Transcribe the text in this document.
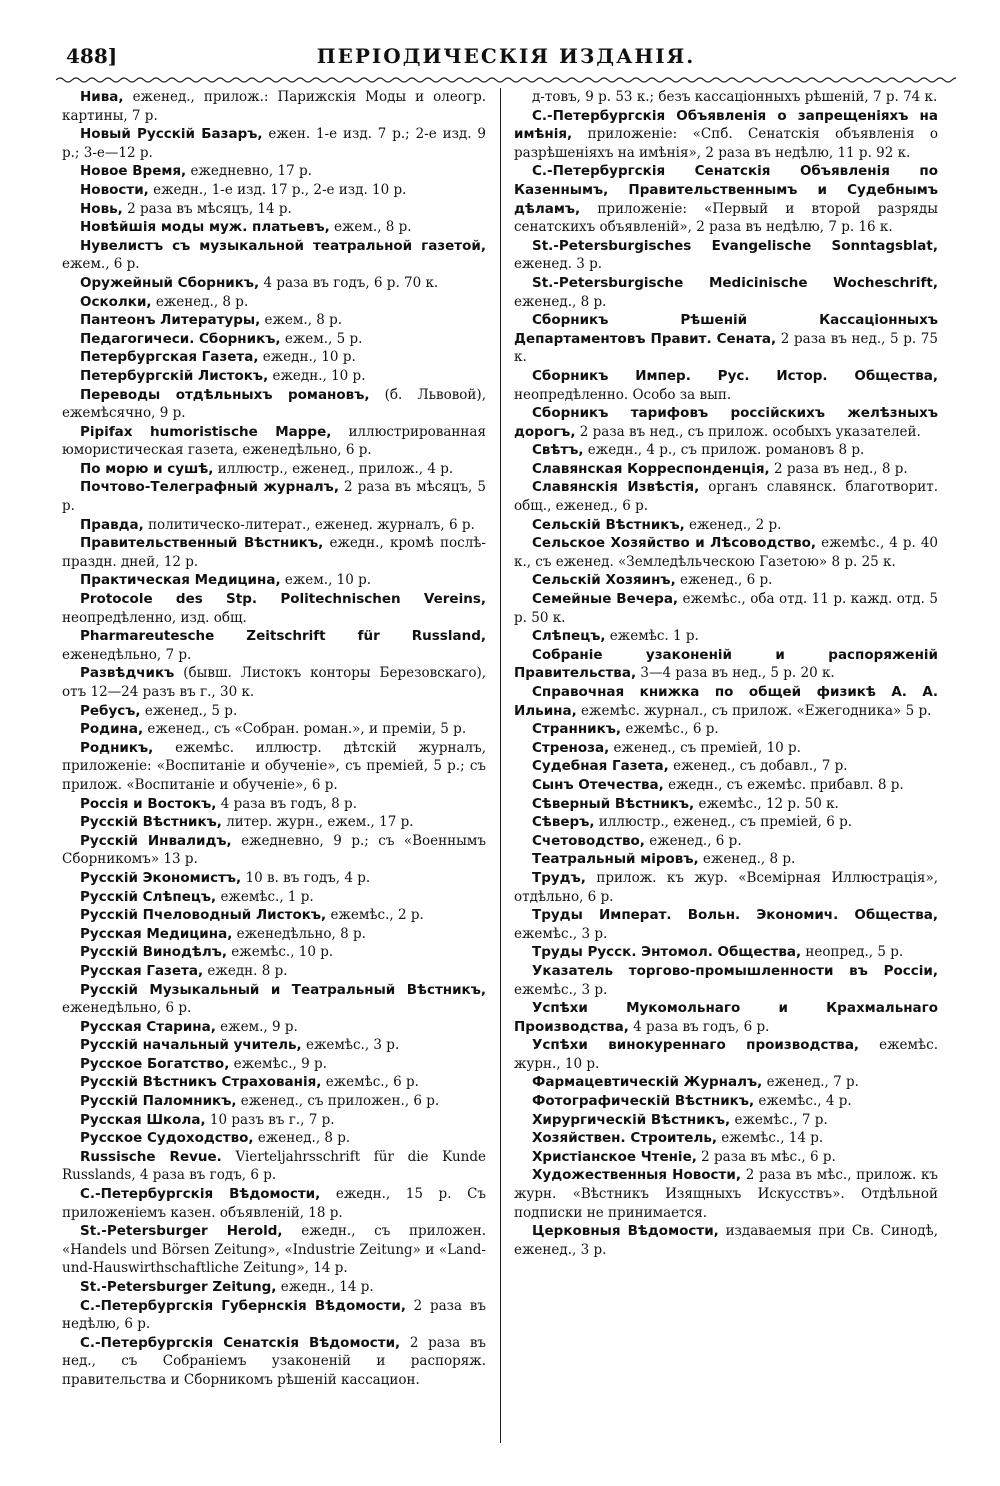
488]	ПЕРІОДИЧЕСКІЯ ИЗДАНІЯ.

Нива, еженед., прилож.: Парижскія Моды и олеогр. картины, 7 р.

Новый Русскій Базаръ, ежен. 1-е изд. 7 р.; 2-е изд. 9 р.; 3-е—12 р.

Новое Время, ежедневно, 17 р.

Новости, ежедн., 1-е изд. 17 р., 2-е изд. 10 р.

Новь, 2 раза въ мѣсяцъ, 14 р.

Новѣйшія моды муж. платьевъ, ежем., 8 р.

Нувелистъ съ музыкальной театральной газетой, ежем., 6 р.

Оружейный Сборникъ, 4 раза въ годъ, 6 р. 70 к.

Осколки, еженед., 8 р.

Пантеонъ Литературы, ежем., 8 р.

Педагогичеси. Сборникъ, ежем., 5 р.

Петербургская Газета, ежедн., 10 р.

Петербургскій Листокъ, ежедн., 10 р.

Переводы отдѣльныхъ романовъ, (б. Львовой), ежемѣсячно, 9 р.

Pipifax humoristische Mappe, иллюстрированная юмористическая газета, еженедѣльно, 6 р.

По морю и сушѣ, иллюстр., еженед., прилож., 4 р.

Почтово-Телеграфный журналъ, 2 раза въ мѣсяцъ, 5 р.

Правда, политическо-литерат., еженед. журналъ, 6 р.

Правительственный Вѣстникъ, ежедн., кромѣ послѣ-праздн. дней, 12 р.

Практическая Медицина, ежем., 10 р.

Protocole des Stp. Politechnischen Vereins, неопредѣленно, изд. общ.

Pharmareutesche Zeitschrift für Russland, еженедѣльно, 7 р.

Развѣдчикъ (бывш. Листокъ конторы Березовскаго), отъ 12—24 разъ въ г., 30 к.

Ребусъ, еженед., 5 р.

Родина, еженед., съ «Собран. роман.», и преміи, 5 р.

Родникъ, ежемѣс. иллюстр. дѣтскій журналъ, приложеніе: «Воспитаніе и обученіе», съ преміей, 5 р.; съ прилож. «Воспитаніе и обученіе», 6 р.

Россія и Востокъ, 4 раза въ годъ, 8 р.

Русскій Вѣстникъ, литер. журн., ежем., 17 р.

Русскій Инвалидъ, ежедневно, 9 р.; съ «Военнымъ Сборникомъ» 13 р.

Русскій Экономистъ, 10 в. въ годъ, 4 р.

Русскій Слѣпецъ, ежемѣс., 1 р.

Русскій Пчеловодный Листокъ, ежемѣс., 2 р.

Русская Медицина, еженедѣльно, 8 р.

Русскій Винодѣлъ, ежемѣс., 10 р.

Русская Газета, ежедн. 8 р.

Русскій Музыкальный и Театральный Вѣстникъ, еженедѣльно, 6 р.

Русская Старина, ежем., 9 р.

Русскій начальный учитель, ежемѣс., 3 р.

Русское Богатство, ежемѣс., 9 р.

Русскій Вѣстникъ Страхованія, ежемѣс., 6 р.

Русскій Паломникъ, еженед., съ приложен., 6 р.

Русская Школа, 10 разъ въ г., 7 р.

Русское Судоходство, еженед., 8 р.

Russische Revue. Vierteljahrsschrift für die Kunde Russlands, 4 раза въ годъ, 6 р.

С.-Петербургскія Вѣдомости, ежедн., 15 р. Съ приложеніемъ казен. объявленій, 18 р.

St.-Petersburger Herold, ежедн., съ приложен. «Handels und Börsen Zeitung», «Industrie Zeitung» и «Land-und-Hauswirthschaftliche Zeitung», 14 р.

St.-Petersburger Zeitung, ежедн., 14 р.

С.-Петербургскія Губернскія Вѣдомости, 2 раза въ недѣлю, 6 р.

С.-Петербургскія Сенатскія Вѣдомости, 2 раза въ нед., съ Собраніемъ узаконеній и распоряж. правительства и Сборникомъ рѣшеній кассацион.

д-товъ, 9 р. 53 к.; безъ кассаціонныхъ рѣшеній, 7 р. 74 к.

С.-Петербургскія Объявленія о запрещеніяхъ на имѣнія, приложеніе: «Спб. Сенатскія объявленія о разрѣшеніяхъ на имѣнія», 2 раза въ недѣлю, 11 р. 92 к.

С.-Петербургскія Сенатскія Объявленія по Казеннымъ, Правительственнымъ и Судебнымъ дѣламъ, приложеніе: «Первый и второй разряды сенатскихъ объявленій», 2 раза въ недѣлю, 7 р. 16 к.

St.-Petersburgisches Evangelische Sonntagsblat, еженед. 3 р.

St.-Petersburgische Medicinische Wocheschrift, еженед., 8 р.

Сборникъ Рѣшеній Кассаціонныхъ Департаментовъ Правит. Сената, 2 раза въ нед., 5 р. 75 к.

Сборникъ Импер. Рус. Истор. Общества, неопредѣленно. Особо за вып.

Сборникъ тарифовъ россійскихъ желѣзныхъ дорогъ, 2 раза въ нед., съ прилож. особыхъ указателей.

Свѣтъ, ежедн., 4 р., съ прилож. романовъ 8 р.

Славянская Корреспонденція, 2 раза въ нед., 8 р.

Славянскія Извѣстія, органъ славянск. благотворит. общ., еженед., 6 р.

Сельскій Вѣстникъ, еженед., 2 р.

Сельское Хозяйство и Лѣсоводство, ежемѣс., 4 р. 40 к., съ еженед. «Земледѣльческою Газетою» 8 р. 25 к.

Сельскій Хозяинъ, еженед., 6 р.

Семейные Вечера, ежемѣс., оба отд. 11 р. кажд. отд. 5 р. 50 к.

Слѣпецъ, ежемѣс. 1 р.

Собраніе узаконеній и распоряженій Правительства, 3—4 раза въ нед., 5 р. 20 к.

Справочная книжка по общей физикѣ А. А. Ильина, ежемѣс. журнал., съ прилож. «Ежегодника» 5 р.

Странникъ, ежемѣс., 6 р.

Стреноза, еженед., съ преміей, 10 р.

Судебная Газета, еженед., съ добавл., 7 р.

Сынъ Отечества, ежедн., съ ежемѣс. прибавл. 8 р.

Сѣверный Вѣстникъ, ежемѣс., 12 р. 50 к.

Сѣверъ, иллюстр., еженед., съ преміей, 6 р.

Счетоводство, еженед., 6 р.

Театральный міровъ, еженед., 8 р.

Трудъ, прилож. къ жур. «Всемірная Иллюстрація», отдѣльно, 6 р.

Труды Императ. Вольн. Экономич. Общества, ежемѣс., 3 р.

Труды Русск. Энтомол. Общества, неопред., 5 р.

Указатель торгово-промышленности въ Россіи, ежемѣс., 3 р.

Успѣхи Мукомольнаго и Крахмальнаго Производства, 4 раза въ годъ, 6 р.

Успѣхи винокуреннаго производства, ежемѣс. журн., 10 р.

Фармацевтическій Журналъ, еженед., 7 р.

Фотографическій Вѣстникъ, ежемѣс., 4 р.

Хирургическій Вѣстникъ, ежемѣс., 7 р.

Хозяйствен. Строитель, ежемѣс., 14 р.

Христіанское Чтеніе, 2 раза въ мѣс., 6 р.

Художественныя Новости, 2 раза въ мѣс., прилож. къ журн. «Вѣстникъ Изящныхъ Искусствъ». Отдѣльной подписки не принимается.

Церковныя Вѣдомости, издаваемыя при Св. Синодѣ, еженед., 3 р.
